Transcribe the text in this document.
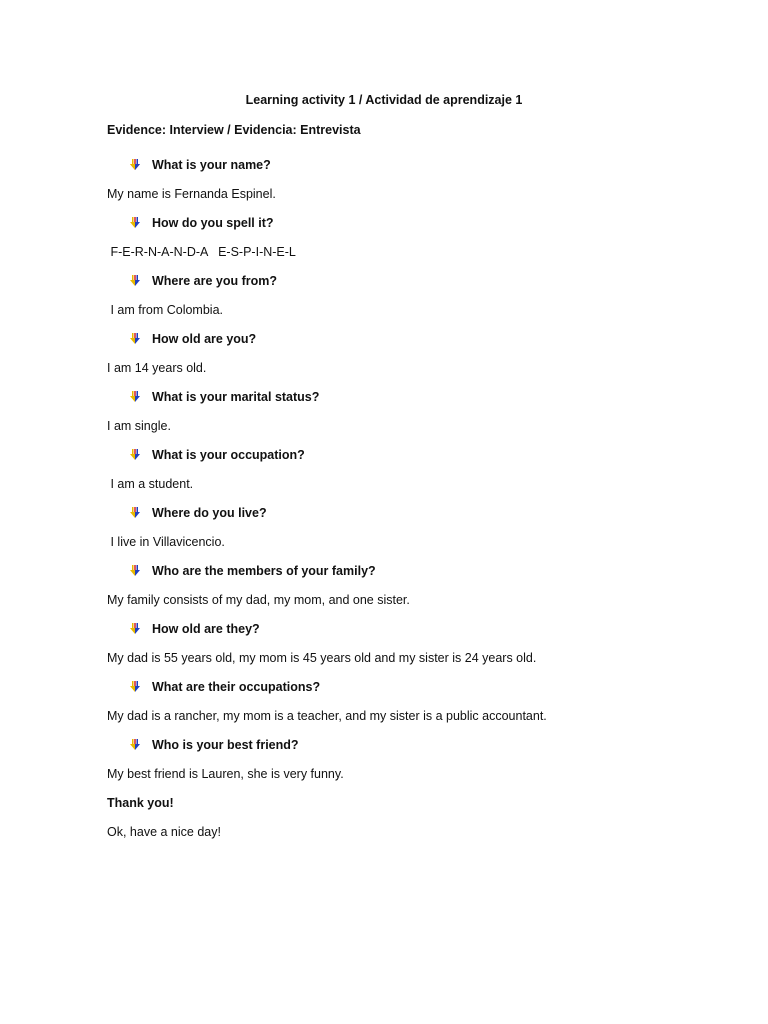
Learning activity 1 / Actividad de aprendizaje 1
Evidence: Interview / Evidencia: Entrevista
What is your name?
My name is Fernanda Espinel.
How do you spell it?
F-E-R-N-A-N-D-A   E-S-P-I-N-E-L
Where are you from?
I am from Colombia.
How old are you?
I am 14 years old.
What is your marital status?
I am single.
What is your occupation?
I am a student.
Where do you live?
I live in Villavicencio.
Who are the members of your family?
My family consists of my dad, my mom, and one sister.
How old are they?
My dad is 55 years old, my mom is 45 years old and my sister is 24 years old.
What are their occupations?
My dad is a rancher, my mom is a teacher, and my sister is a public accountant.
Who is your best friend?
My best friend is Lauren, she is very funny.
Thank you!
Ok, have a nice day!
